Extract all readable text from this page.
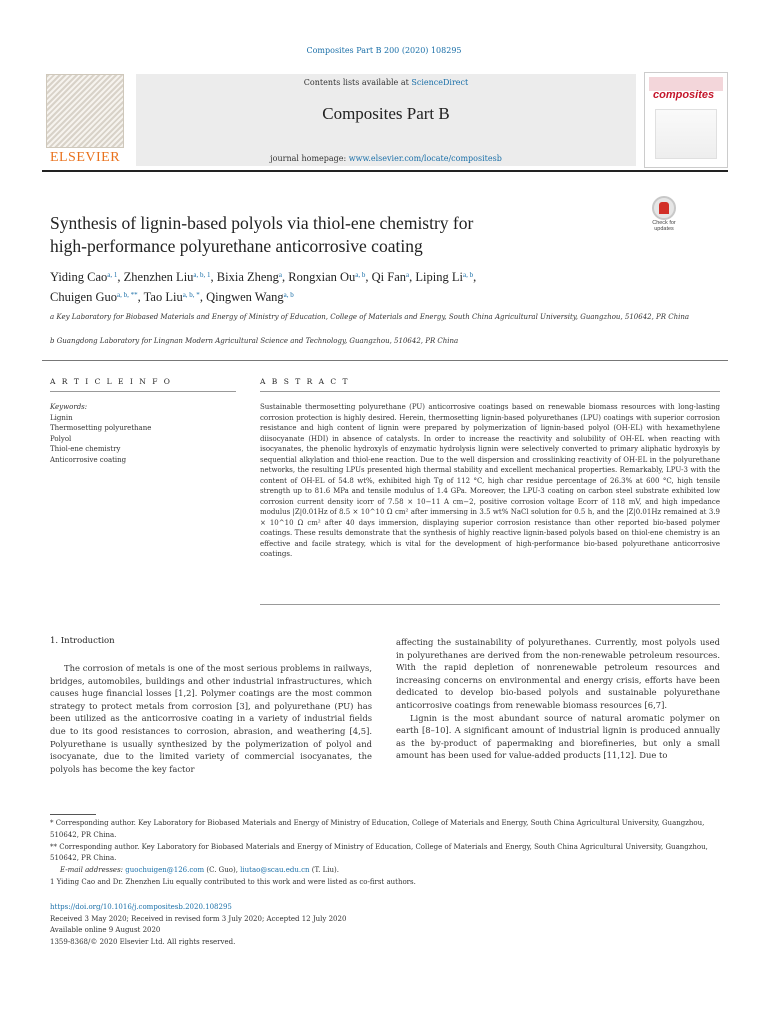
Composites Part B 200 (2020) 108295
ELSEVIER
Contents lists available at ScienceDirect
Composites Part B
journal homepage: www.elsevier.com/locate/compositesb
composites
Synthesis of lignin-based polyols via thiol-ene chemistry for
high-performance polyurethane anticorrosive coating
Check for updates
Yiding Cao$^{a, 1}$, Zhenzhen Liu$^{a, b, 1}$, Bixia Zheng$^a$, Rongxian Ou$^{a, b}$, Qi Fan$^a$, Liping Li$^{a, b}$,
Chuigen Guo$^{a, b, **}$, Tao Liu$^{a, b, *}$, Qingwen Wang$^{a, b}$
a Key Laboratory for Biobased Materials and Energy of Ministry of Education, College of Materials and Energy, South China Agricultural University, Guangzhou, 510642, PR China
b Guangdong Laboratory for Lingnan Modern Agricultural Science and Technology, Guangzhou, 510642, PR China
A R T I C L E I N F O	A B S T R A C T
Keywords:
Lignin
Thermosetting polyurethane
Polyol
Thiol-ene chemistry
Anticorrosive coating
Sustainable thermosetting polyurethane (PU) anticorrosive coatings based on renewable biomass resources with long-lasting corrosion protection is highly desired. Herein, thermosetting lignin-based polyurethanes (LPU) coatings with superior corrosion resistance and high content of lignin were prepared by polymerization of lignin-based polyol (OH-EL) with hexamethylene diisocyanate (HDI) in absence of catalysts. In order to increase the reactivity and solubility of OH-EL when reacting with isocyanates, the phenolic hydroxyls of enzymatic hydrolysis lignin were selectively converted to primary aliphatic hydroxyls by sequential alkylation and thiol-ene reaction. Due to the well dispersion and crosslinking reactivity of OH-EL in the polyurethane networks, the resulting LPUs presented high thermal stability and excellent mechanical properties. Remarkably, LPU-3 with the content of OH-EL of 54.8 wt%, exhibited high Tg of 112 °C, high char residue percentage of 26.3% at 600 °C, high tensile strength up to 81.6 MPa and tensile modulus of 1.4 GPa. Moreover, the LPU-3 coating on carbon steel substrate exhibited low corrosion current density icorr of 7.58 × 10−11 A cm−2, positive corrosion voltage Ecorr of 118 mV, and high impedance modulus |Z|0.01Hz of 8.5 × 10^10 Ω cm² after immersing in 3.5 wt% NaCl solution for 0.5 h, and the |Z|0.01Hz remained at 3.9 × 10^10 Ω cm² after 40 days immersion, displaying superior corrosion resistance than other reported bio-based polymer coatings. These results demonstrate that the synthesis of highly reactive lignin-based polyols based on thiol-ene chemistry is an effective and facile strategy, which is vital for the development of high-performance bio-based polyurethane anticorrosive coatings.
1. Introduction
The corrosion of metals is one of the most serious problems in railways, bridges, automobiles, buildings and other industrial infrastructures, which causes huge financial losses [1,2]. Polymer coatings are the most common strategy to protect metals from corrosion [3], and polyurethane (PU) has been utilized as the anticorrosive coating in a variety of industrial fields due to its good resistances to corrosion, abrasion, and weathering [4,5]. Polyurethane is usually synthesized by the polymerization of polyol and isocyanate, due to the limited variety of commercial isocyanates, the polyols has become the key factor

affecting the sustainability of polyurethanes. Currently, most polyols used in polyurethanes are derived from the non-renewable petroleum resources. With the rapid depletion of nonrenewable petroleum resources and increasing concerns on environmental and energy crisis, efforts have been dedicated to develop bio-based polyols and sustainable polyurethane anticorrosive coatings from renewable biomass resources [6,7].

Lignin is the most abundant source of natural aromatic polymer on earth [8–10]. A significant amount of industrial lignin is produced annually as the by-product of papermaking and biorefineries, but only a small amount has been used for value-added products [11,12]. Due to

* Corresponding author. Key Laboratory for Biobased Materials and Energy of Ministry of Education, College of Materials and Energy, South China Agricultural University, Guangzhou, 510642, PR China.
** Corresponding author. Key Laboratory for Biobased Materials and Energy of Ministry of Education, College of Materials and Energy, South China Agricultural University, Guangzhou, 510642, PR China.
E-mail addresses: guochuigen@126.com (C. Guo), liutao@scau.edu.cn (T. Liu).
1 Yiding Cao and Dr. Zhenzhen Liu equally contributed to this work and were listed as co-first authors.
https://doi.org/10.1016/j.compositesb.2020.108295
Received 3 May 2020; Received in revised form 3 July 2020; Accepted 12 July 2020
Available online 9 August 2020
1359-8368/© 2020 Elsevier Ltd. All rights reserved.
